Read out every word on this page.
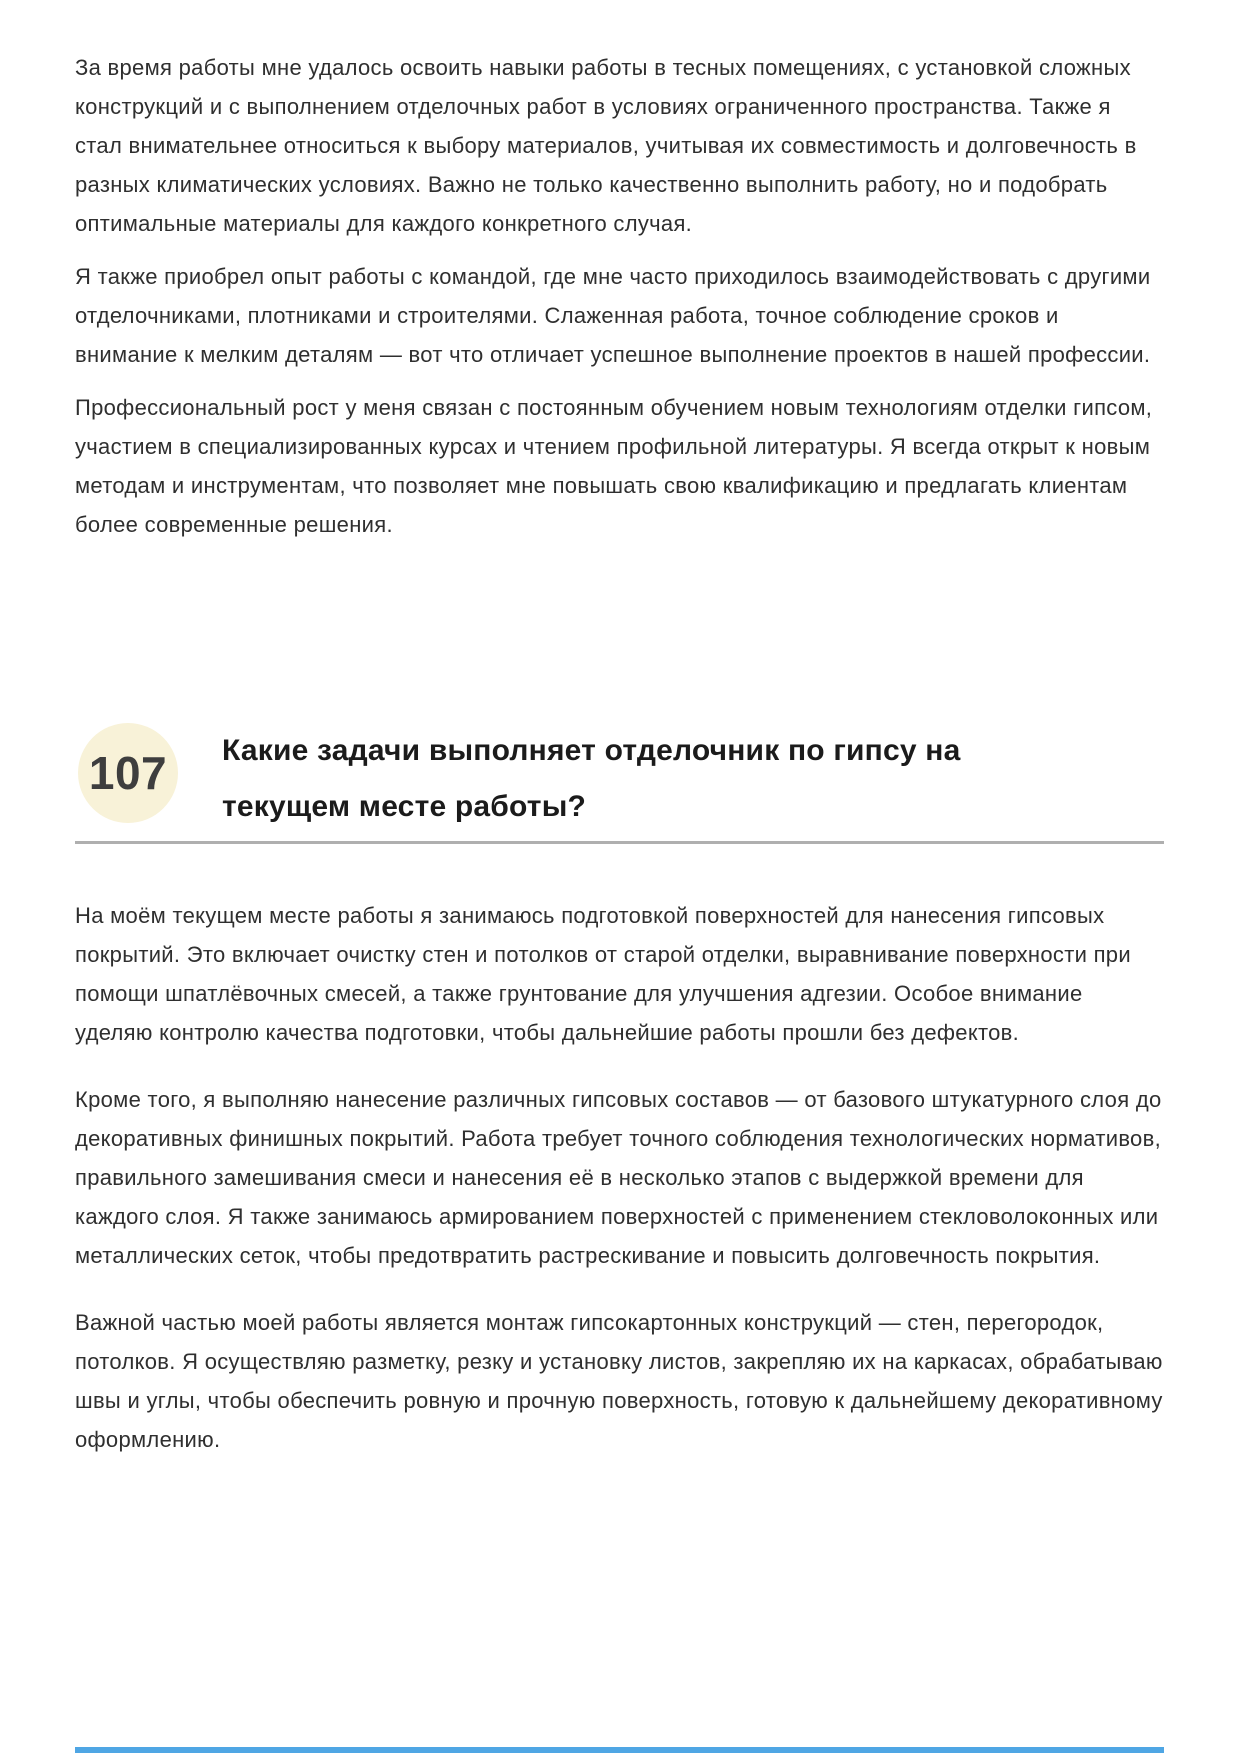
За время работы мне удалось освоить навыки работы в тесных помещениях, с установкой сложных конструкций и с выполнением отделочных работ в условиях ограниченного пространства. Также я стал внимательнее относиться к выбору материалов, учитывая их совместимость и долговечность в разных климатических условиях. Важно не только качественно выполнить работу, но и подобрать оптимальные материалы для каждого конкретного случая.

Я также приобрел опыт работы с командой, где мне часто приходилось взаимодействовать с другими отделочниками, плотниками и строителями. Слаженная работа, точное соблюдение сроков и внимание к мелким деталям — вот что отличает успешное выполнение проектов в нашей профессии.

Профессиональный рост у меня связан с постоянным обучением новым технологиям отделки гипсом, участием в специализированных курсах и чтением профильной литературы. Я всегда открыт к новым методам и инструментам, что позволяет мне повышать свою квалификацию и предлагать клиентам более современные решения.

107 Какие задачи выполняет отделочник по гипсу на текущем месте работы?

На моём текущем месте работы я занимаюсь подготовкой поверхностей для нанесения гипсовых покрытий. Это включает очистку стен и потолков от старой отделки, выравнивание поверхности при помощи шпатлёвочных смесей, а также грунтование для улучшения адгезии. Особое внимание уделяю контролю качества подготовки, чтобы дальнейшие работы прошли без дефектов.

Кроме того, я выполняю нанесение различных гипсовых составов — от базового штукатурного слоя до декоративных финишных покрытий. Работа требует точного соблюдения технологических нормативов, правильного замешивания смеси и нанесения её в несколько этапов с выдержкой времени для каждого слоя. Я также занимаюсь армированием поверхностей с применением стекловолоконных или металлических сеток, чтобы предотвратить растрескивание и повысить долговечность покрытия.

Важной частью моей работы является монтаж гипсокартонных конструкций — стен, перегородок, потолков. Я осуществляю разметку, резку и установку листов, закрепляю их на каркасах, обрабатываю швы и углы, чтобы обеспечить ровную и прочную поверхность, готовую к дальнейшему декоративному оформлению.
